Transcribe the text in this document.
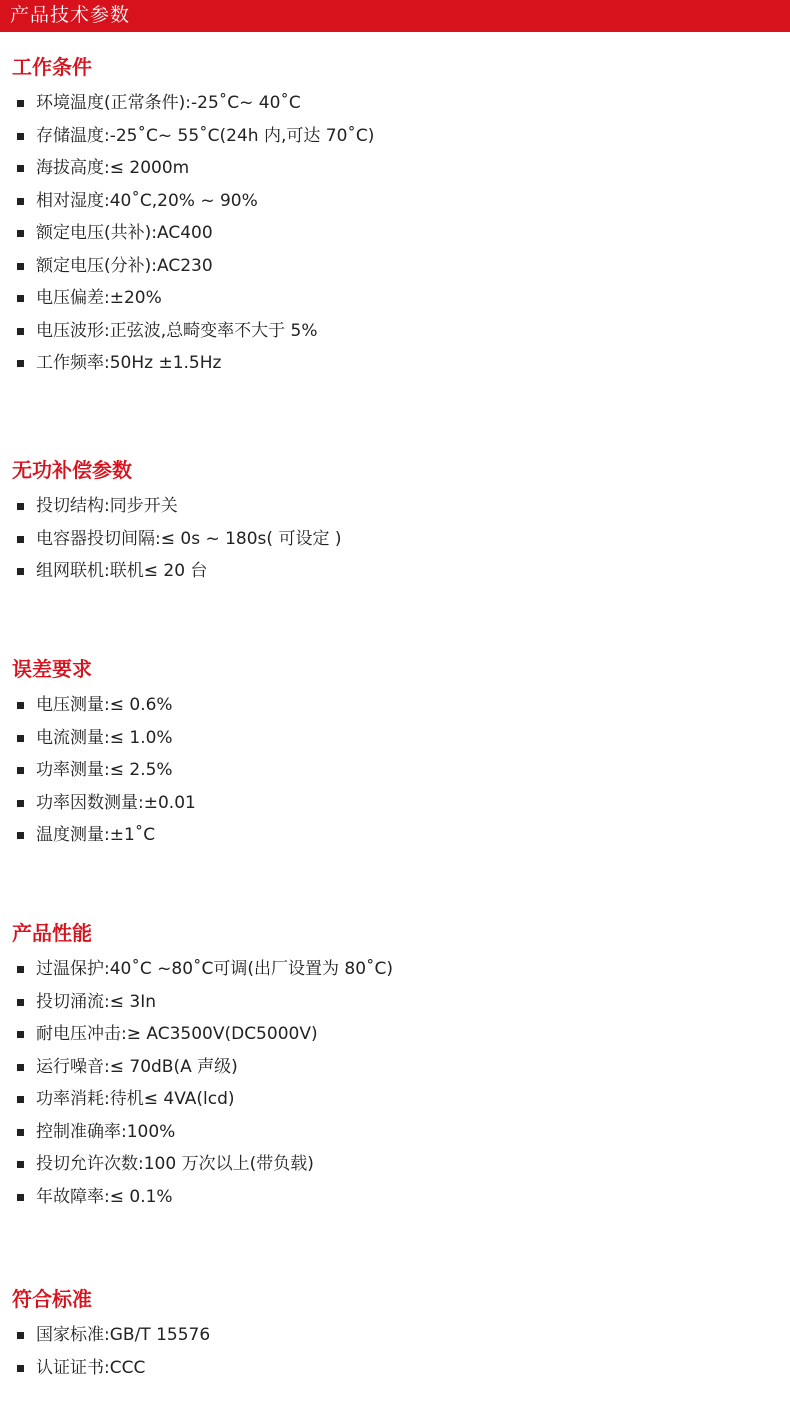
产品技术参数
工作条件
环境温度(正常条件):-25˚C~ 40˚C
存储温度:-25˚C~ 55˚C(24h 内,可达 70˚C)
海拔高度:≤ 2000m
相对湿度:40˚C,20% ~ 90%
额定电压(共补):AC400
额定电压(分补):AC230
电压偏差:±20%
电压波形:正弦波,总畸变率不大于 5%
工作频率:50Hz ±1.5Hz
无功补偿参数
投切结构:同步开关
电容器投切间隔:≤ 0s ~ 180s( 可设定 )
组网联机:联机≤ 20 台
误差要求
电压测量:≤ 0.6%
电流测量:≤ 1.0%
功率测量:≤ 2.5%
功率因数测量:±0.01
温度测量:±1˚C
产品性能
过温保护:40˚C ~80˚C可调(出厂设置为 80˚C)
投切涌流:≤ 3In
耐电压冲击:≥ AC3500V(DC5000V)
运行噪音:≤ 70dB(A 声级)
功率消耗:待机≤ 4VA(lcd)
控制准确率:100%
投切允许次数:100 万次以上(带负载)
年故障率:≤ 0.1%
符合标准
国家标准:GB/T 15576
认证证书:CCC
